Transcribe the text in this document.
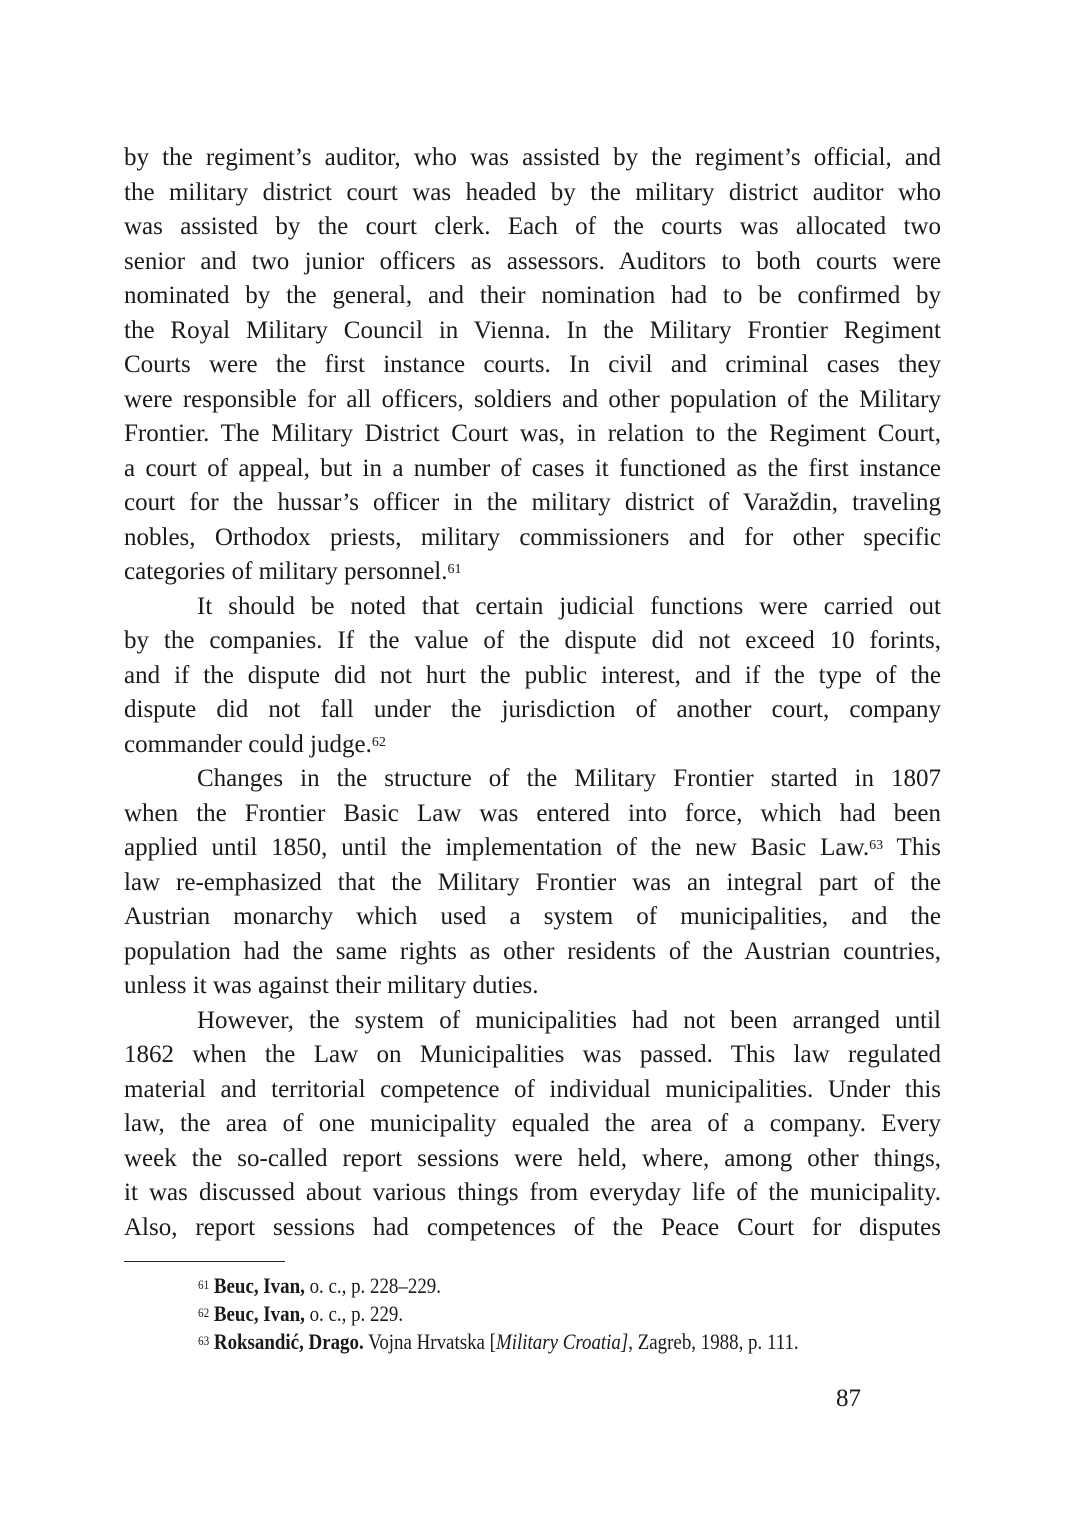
by the regiment’s auditor, who was assisted by the regiment’s official, and
the military district court was headed by the military district auditor who
was assisted by the court clerk. Each of the courts was allocated two
senior and two junior officers as assessors. Auditors to both courts were
nominated by the general, and their nomination had to be confirmed by
the Royal Military Council in Vienna. In the Military Frontier Regiment
Courts were the first instance courts. In civil and criminal cases they
were responsible for all officers, soldiers and other population of the Military
Frontier. The Military District Court was, in relation to the Regiment Court,
a court of appeal, but in a number of cases it functioned as the first instance
court for the hussar’s officer in the military district of Varaždin, traveling
nobles, Orthodox priests, military commissioners and for other specific
categories of military personnel.$^{61}$
It should be noted that certain judicial functions were carried out
by the companies. If the value of the dispute did not exceed 10 forints,
and if the dispute did not hurt the public interest, and if the type of the
dispute did not fall under the jurisdiction of another court, company
commander could judge.$^{62}$
Changes in the structure of the Military Frontier started in 1807
when the Frontier Basic Law was entered into force, which had been
applied until 1850, until the implementation of the new Basic Law.$^{63}$ This
law re-emphasized that the Military Frontier was an integral part of the
Austrian monarchy which used a system of municipalities, and the
population had the same rights as other residents of the Austrian countries,
unless it was against their military duties.
However, the system of municipalities had not been arranged until
1862 when the Law on Municipalities was passed. This law regulated
material and territorial competence of individual municipalities. Under this
law, the area of one municipality equaled the area of a company. Every
week the so-called report sessions were held, where, among other things,
it was discussed about various things from everyday life of the municipality.
Also, report sessions had competences of the Peace Court for disputes
$^{61}$ Beuc, Ivan, o. c., p. 228–229.
$^{62}$ Beuc, Ivan, o. c., p. 229.
$^{63}$ Roksandić, Drago. Vojna Hrvatska [Military Croatia], Zagreb, 1988, p. 111.
87
